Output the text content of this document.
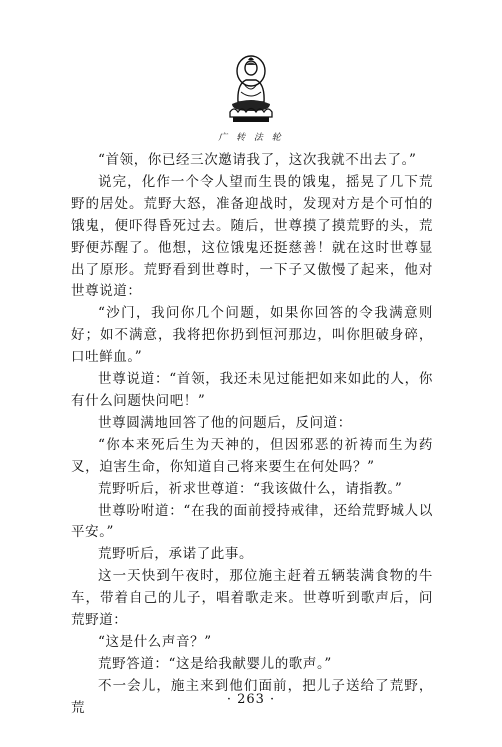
广 转 法 轮

“首领，你已经三次邀请我了，这次我就不出去了。”

说完，化作一个令人望而生畏的饿鬼，摇晃了几下荒野的居处。荒野大怒，准备迎战时，发现对方是个可怕的饿鬼，便吓得昏死过去。随后，世尊摸了摸荒野的头，荒野便苏醒了。他想，这位饿鬼还挺慈善！就在这时世尊显出了原形。荒野看到世尊时，一下子又傲慢了起来，他对世尊说道：

“沙门，我问你几个问题，如果你回答的令我满意则好；如不满意，我将把你扔到恒河那边，叫你胆破身碎，口吐鲜血。”

世尊说道：“首领，我还未见过能把如来如此的人，你有什么问题快问吧！”

世尊圆满地回答了他的问题后，反问道：

“你本来死后生为天神的，但因邪恶的祈祷而生为药叉，迫害生命，你知道自己将来要生在何处吗？”

荒野听后，祈求世尊道：“我该做什么，请指教。”

世尊吩咐道：“在我的面前授持戒律，还给荒野城人以平安。”

荒野听后，承诺了此事。

这一天快到午夜时，那位施主赶着五辆装满食物的牛车，带着自己的儿子，唱着歌走来。世尊听到歌声后，问荒野道：

“这是什么声音？”

荒野答道：“这是给我献婴儿的歌声。”

不一会儿，施主来到他们面前，把儿子送给了荒野，荒

· 263 ·
